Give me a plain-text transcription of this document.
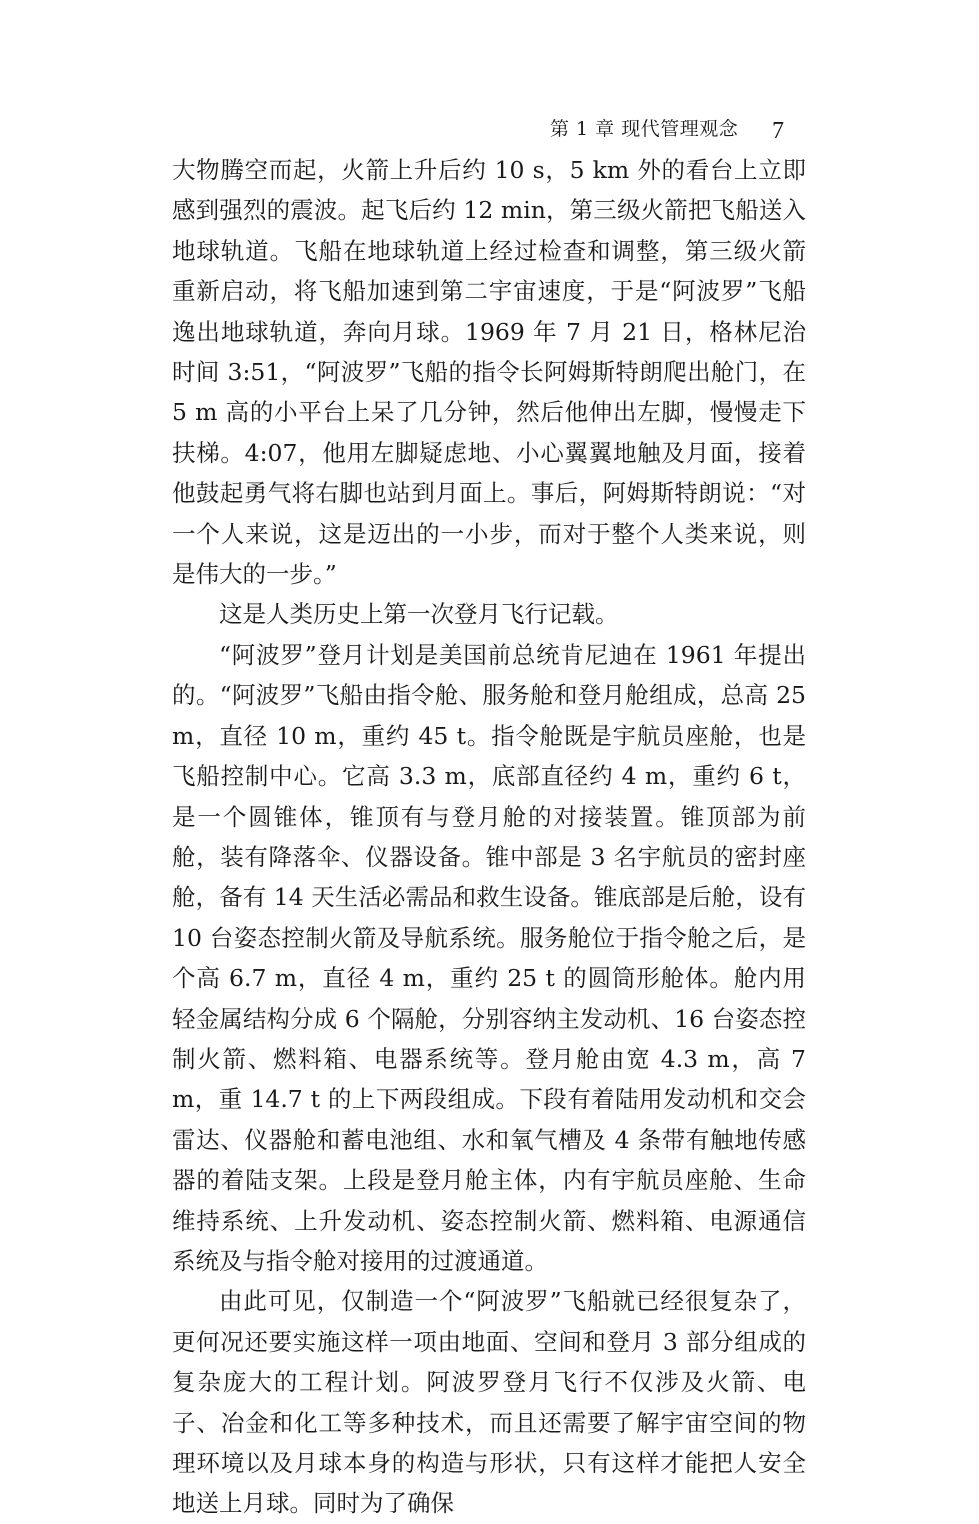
第 1 章 现代管理观念 7

大物腾空而起，火箭上升后约 10 s，5 km 外的看台上立即感到强烈的震波。起飞后约 12 min，第三级火箭把飞船送入地球轨道。飞船在地球轨道上经过检查和调整，第三级火箭重新启动，将飞船加速到第二宇宙速度，于是“阿波罗”飞船逸出地球轨道，奔向月球。1969 年 7 月 21 日，格林尼治时间 3:51，“阿波罗”飞船的指令长阿姆斯特朗爬出舱门，在 5 m 高的小平台上呆了几分钟，然后他伸出左脚，慢慢走下扶梯。4:07，他用左脚疑虑地、小心翼翼地触及月面，接着他鼓起勇气将右脚也站到月面上。事后，阿姆斯特朗说：“对一个人来说，这是迈出的一小步，而对于整个人类来说，则是伟大的一步。”

这是人类历史上第一次登月飞行记载。

“阿波罗”登月计划是美国前总统肯尼迪在 1961 年提出的。“阿波罗”飞船由指令舱、服务舱和登月舱组成，总高 25 m，直径 10 m，重约 45 t。指令舱既是宇航员座舱，也是飞船控制中心。它高 3.3 m，底部直径约 4 m，重约 6 t，是一个圆锥体，锥顶有与登月舱的对接装置。锥顶部为前舱，装有降落伞、仪器设备。锥中部是 3 名宇航员的密封座舱，备有 14 天生活必需品和救生设备。锥底部是后舱，设有 10 台姿态控制火箭及导航系统。服务舱位于指令舱之后，是个高 6.7 m，直径 4 m，重约 25 t 的圆筒形舱体。舱内用轻金属结构分成 6 个隔舱，分别容纳主发动机、16 台姿态控制火箭、燃料箱、电器系统等。登月舱由宽 4.3 m，高 7 m，重 14.7 t 的上下两段组成。下段有着陆用发动机和交会雷达、仪器舱和蓄电池组、水和氧气槽及 4 条带有触地传感器的着陆支架。上段是登月舱主体，内有宇航员座舱、生命维持系统、上升发动机、姿态控制火箭、燃料箱、电源通信系统及与指令舱对接用的过渡通道。

由此可见，仅制造一个“阿波罗”飞船就已经很复杂了，更何况还要实施这样一项由地面、空间和登月 3 部分组成的复杂庞大的工程计划。阿波罗登月飞行不仅涉及火箭、电子、冶金和化工等多种技术，而且还需要了解宇宙空间的物理环境以及月球本身的构造与形状，只有这样才能把人安全地送上月球。同时为了确保
